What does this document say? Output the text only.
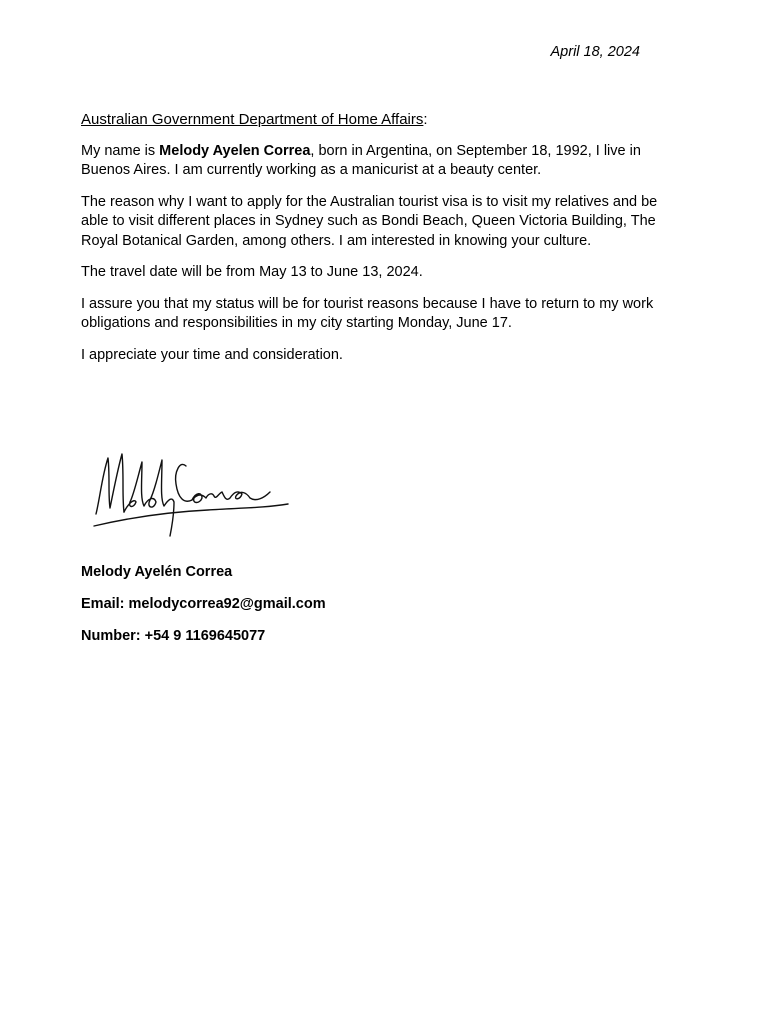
April 18, 2024

Australian Government Department of Home Affairs:

My name is Melody Ayelen Correa, born in Argentina, on September 18, 1992, I live in Buenos Aires. I am currently working as a manicurist at a beauty center.

The reason why I want to apply for the Australian tourist visa is to visit my relatives and be able to visit different places in Sydney such as Bondi Beach, Queen Victoria Building, The Royal Botanical Garden, among others. I am interested in knowing your culture.

The travel date will be from May 13 to June 13, 2024.

I assure you that my status will be for tourist reasons because I have to return to my work obligations and responsibilities in my city starting Monday, June 17.

I appreciate your time and consideration.

Melody Ayelén Correa
Email: melodycorrea92@gmail.com
Number: +54 9 1169645077
